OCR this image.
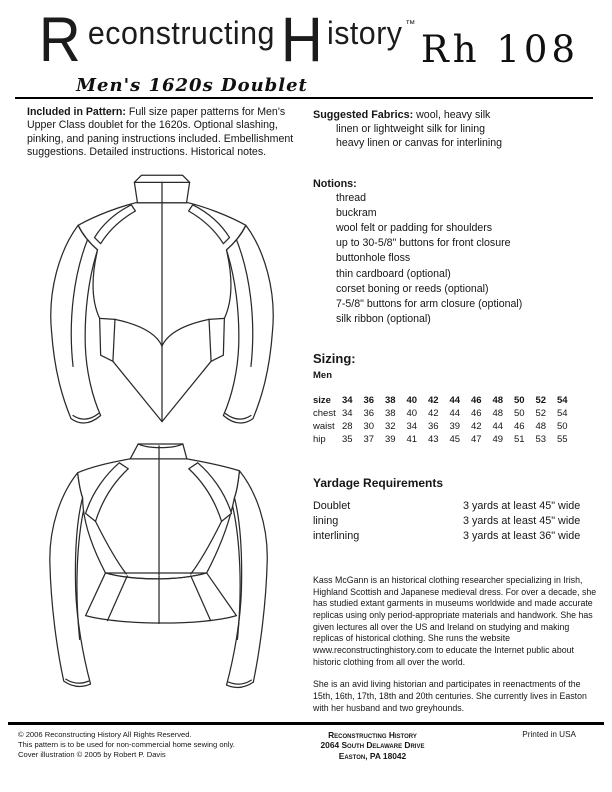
R econstructing H istory ™
Men's 1620s Doublet
Rh 108

Included in Pattern: Full size paper patterns for Men's Upper Class doublet for the 1620s. Optional slashing, pinking, and paning instructions included. Embellishment suggestions. Detailed instructions. Historical notes.

Suggested Fabrics: wool, heavy silk
linen or lightweight silk for lining
heavy linen or canvas for interlining
Notions:
thread
buckram
wool felt or padding for shoulders
up to 30-5/8" buttons for front closure
buttonhole floss
thin cardboard (optional)
corset boning or reeds (optional)
7-5/8" buttons for arm closure (optional)
silk ribbon (optional)
Sizing:
Men
size	34	36	38	40	42	44	46	48	50	52	54
chest	34	36	38	40	42	44	46	48	50	52	54
waist	28	30	32	34	36	39	42	44	46	48	50
hip	35	37	39	41	43	45	47	49	51	53	55
Yardage Requirements
Doublet	3 yards at least 45" wide
lining	3 yards at least 45" wide
interlining	3 yards at least 36" wide
Kass McGann is an historical clothing researcher specializing in Irish, Highland Scottish and Japanese medieval dress. For over a decade, she has studied extant garments in museums worldwide and made accurate replicas using only period-appropriate materials and handwork. She has given lectures all over the US and Ireland on studying and making replicas of historical clothing. She runs the website www.reconstructinghistory.com to educate the Internet public about historic clothing from all over the world.
She is an avid living historian and participates in reenactments of the 15th, 16th, 17th, 18th and 20th centuries. She currently lives in Easton with her husband and two greyhounds.
© 2006 Reconstructing History All Rights Reserved.
This pattern is to be used for non-commercial home sewing only.
Cover illustration © 2005 by Robert P. Davis
Reconstructing History
2064 South Delaware Drive
Easton, PA 18042
Printed in USA
